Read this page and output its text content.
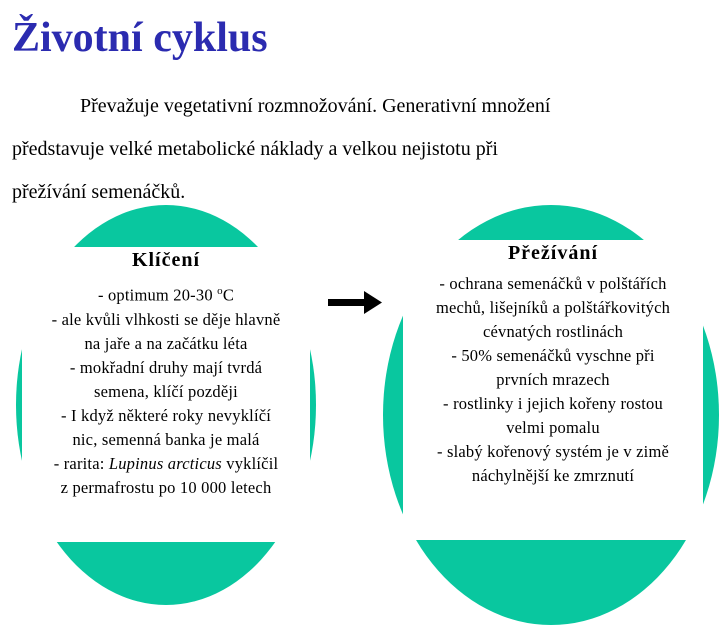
Životní cyklus
Převažuje vegetativní rozmnožování. Generativní množení
představuje velké metabolické náklady a velkou nejistotu při
přežívání semenáčků.
Klíčení
- optimum 20-30 $^o$C
- ale kvůli vlhkosti se děje hlavně
na jaře a na začátku léta
- mokřadní druhy mají tvrdá
semena, klíčí později
- I když některé roky nevyklíčí
nic, semenná banka je malá
- rarita: Lupinus arcticus vyklíčil
z permafrostu po 10 000 letech
Přežívání
- ochrana semenáčků v polštářích
mechů, lišejníků a polštářkovitých
cévnatých rostlinách
- 50% semenáčků vyschne při
prvních mrazech
- rostlinky i jejich kořeny rostou
velmi pomalu
- slabý kořenový systém je v zimě
náchylnější ke zmrznutí
